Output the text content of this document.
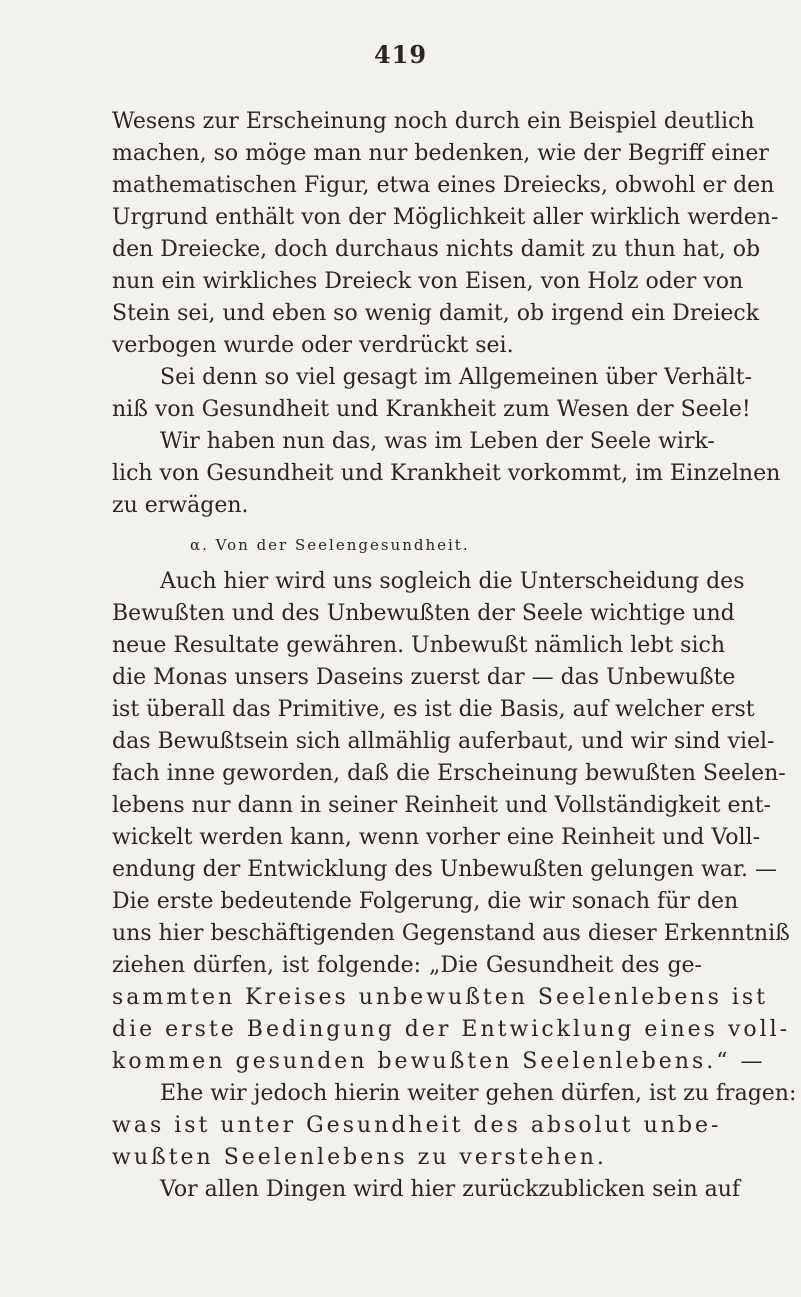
419
Wesens zur Erscheinung noch durch ein Beispiel deutlich
machen, so möge man nur bedenken, wie der Begriff einer
mathematischen Figur, etwa eines Dreiecks, obwohl er den
Urgrund enthält von der Möglichkeit aller wirklich werden-
den Dreiecke, doch durchaus nichts damit zu thun hat, ob
nun ein wirkliches Dreieck von Eisen, von Holz oder von
Stein sei, und eben so wenig damit, ob irgend ein Dreieck
verbogen wurde oder verdrückt sei.
Sei denn so viel gesagt im Allgemeinen über Verhält-
niß von Gesundheit und Krankheit zum Wesen der Seele!
Wir haben nun das, was im Leben der Seele wirk-
lich von Gesundheit und Krankheit vorkommt, im Einzelnen
zu erwägen.
α. Von der Seelengesundheit.
Auch hier wird uns sogleich die Unterscheidung des
Bewußten und des Unbewußten der Seele wichtige und
neue Resultate gewähren. Unbewußt nämlich lebt sich
die Monas unsers Daseins zuerst dar — das Unbewußte
ist überall das Primitive, es ist die Basis, auf welcher erst
das Bewußtsein sich allmählig auferbaut, und wir sind viel-
fach inne geworden, daß die Erscheinung bewußten Seelen-
lebens nur dann in seiner Reinheit und Vollständigkeit ent-
wickelt werden kann, wenn vorher eine Reinheit und Voll-
endung der Entwicklung des Unbewußten gelungen war. —
Die erste bedeutende Folgerung, die wir sonach für den
uns hier beschäftigenden Gegenstand aus dieser Erkenntniß
ziehen dürfen, ist folgende: „Die Gesundheit des ge-
sammten Kreises unbewußten Seelenlebens ist
die erste Bedingung der Entwicklung eines voll-
kommen gesunden bewußten Seelenlebens.“ —
Ehe wir jedoch hierin weiter gehen dürfen, ist zu fragen:
was ist unter Gesundheit des absolut unbe-
wußten Seelenlebens zu verstehen.
Vor allen Dingen wird hier zurückzublicken sein auf
